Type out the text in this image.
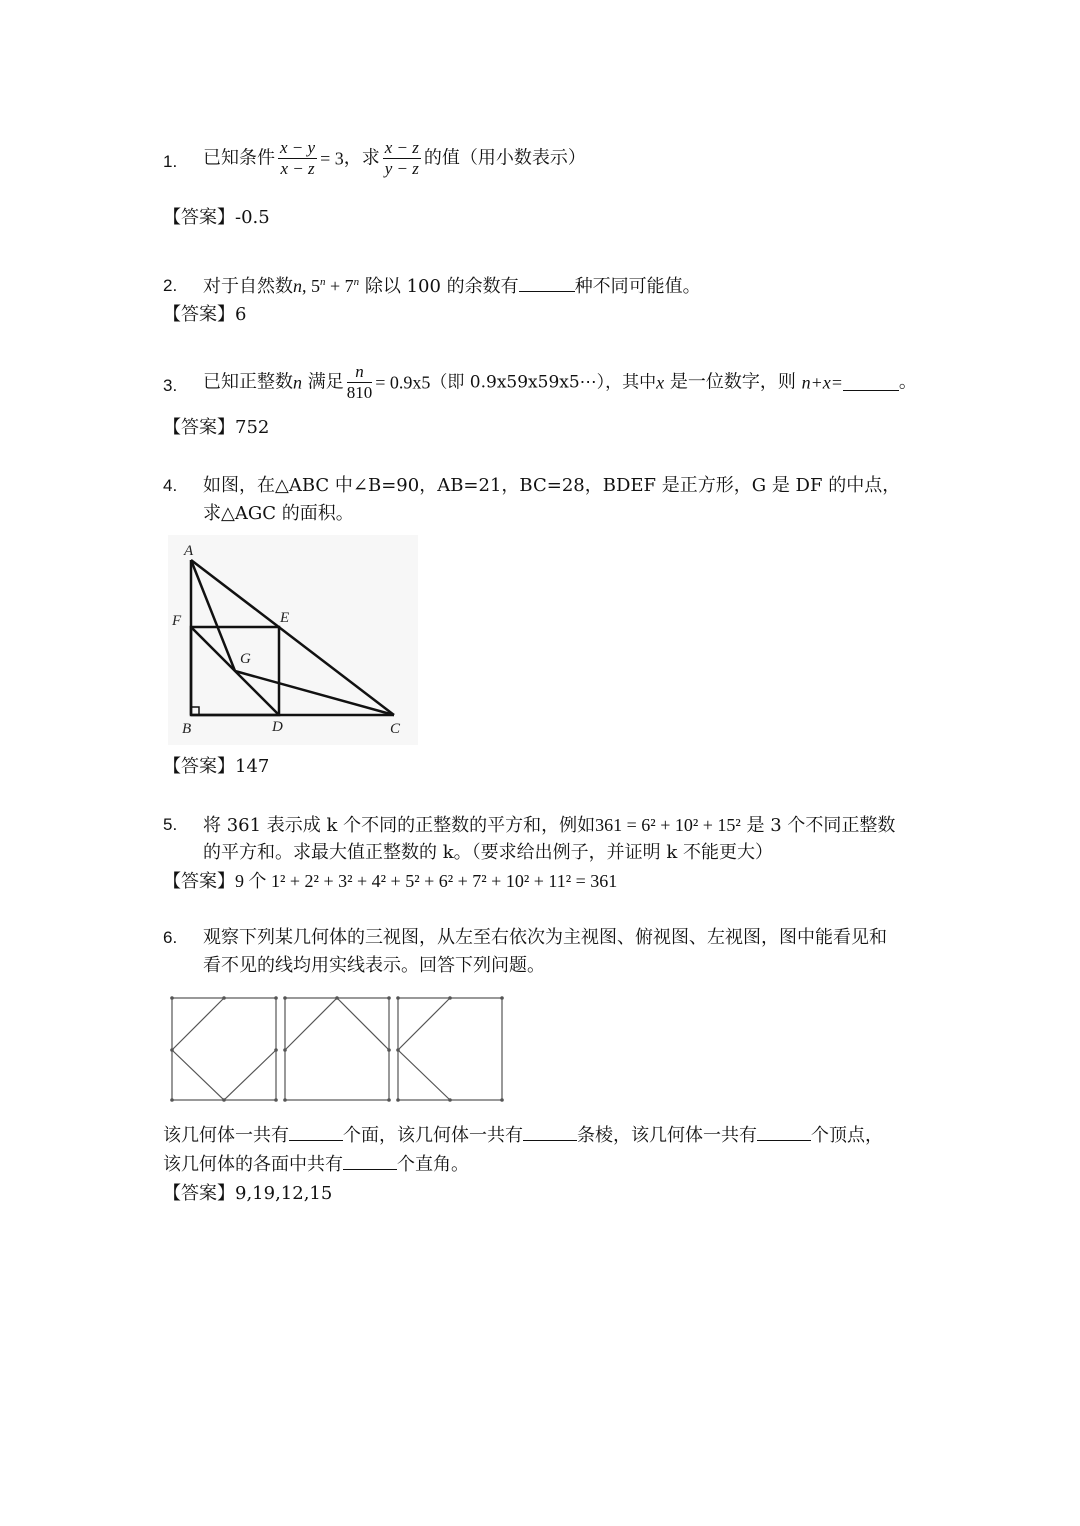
1. 已知条件 $\frac{x - y}{x - z} = 3$，求 $\frac{x - z}{y - z}$ 的值（用小数表示）
【答案】-0.5
2. 对于自然数n, $5^n + 7^n$ 除以 100 的余数有	种不同可能值。
【答案】6
3. 已知正整数n 满足 $\frac{n}{810} = 0.9x5$（即 0.9x59x59x5⋯），其中x 是一位数字，则 n+x=	。
【答案】752
4. 如图，在△ABC 中∠B=90，AB=21，BC=28，BDEF 是正方形，G 是 DF 的中点，
求△AGC 的面积。
A
F	E
G
B	D	C
【答案】147
5. 将 361 表示成 k 个不同的正整数的平方和，例如361 = 6² + 10² + 15² 是 3 个不同正整数
的平方和。求最大值正整数的 k。（要求给出例子，并证明 k 不能更大）
【答案】9 个 1² + 2² + 3² + 4² + 5² + 6² + 7² + 10² + 11² = 361
6. 观察下列某几何体的三视图，从左至右依次为主视图、俯视图、左视图，图中能看见和
看不见的线均用实线表示。回答下列问题。
该几何体一共有	个面，该几何体一共有	条棱，该几何体一共有	个顶点，
该几何体的各面中共有	个直角。
【答案】9,19,12,15
